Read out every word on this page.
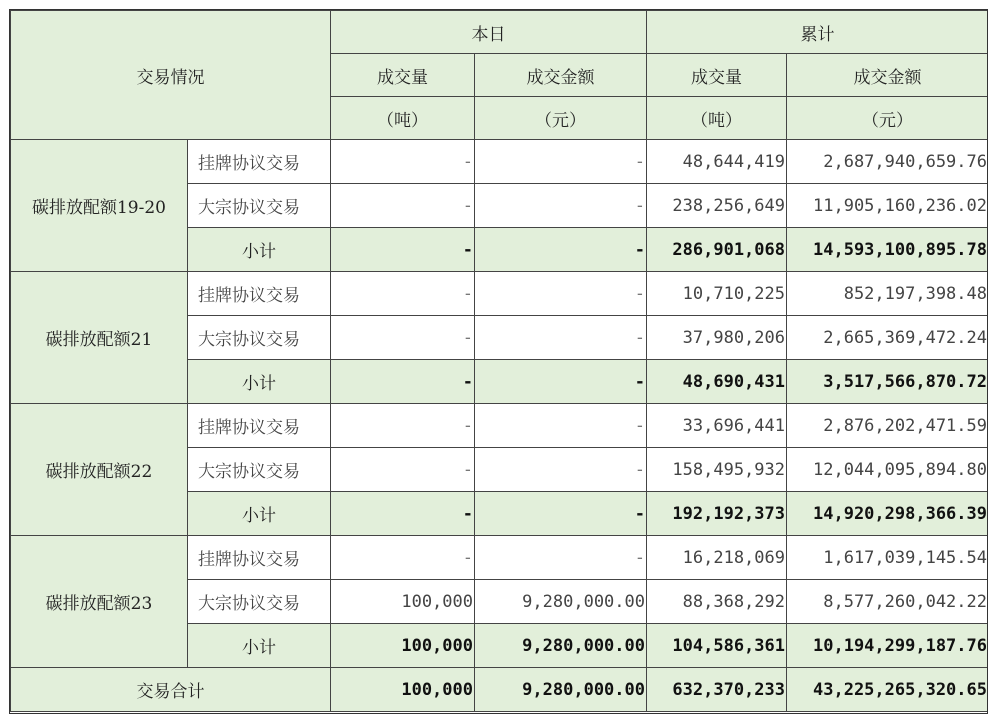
交易情况		本日		累计	
		成交量	成交金额	成交量	成交金额
		（吨）	（元）	（吨）	（元）
碳排放配额19-20	挂牌协议交易	-	-	48,644,419	2,687,940,659.76
	大宗协议交易	-	-	238,256,649	11,905,160,236.02
	小计	-	-	286,901,068	14,593,100,895.78
碳排放配额21	挂牌协议交易	-	-	10,710,225	852,197,398.48
	大宗协议交易	-	-	37,980,206	2,665,369,472.24
	小计	-	-	48,690,431	3,517,566,870.72
碳排放配额22	挂牌协议交易	-	-	33,696,441	2,876,202,471.59
	大宗协议交易	-	-	158,495,932	12,044,095,894.80
	小计	-	-	192,192,373	14,920,298,366.39
碳排放配额23	挂牌协议交易	-	-	16,218,069	1,617,039,145.54
	大宗协议交易	100,000	9,280,000.00	88,368,292	8,577,260,042.22
	小计	100,000	9,280,000.00	104,586,361	10,194,299,187.76
交易合计		100,000	9,280,000.00	632,370,233	43,225,265,320.65
